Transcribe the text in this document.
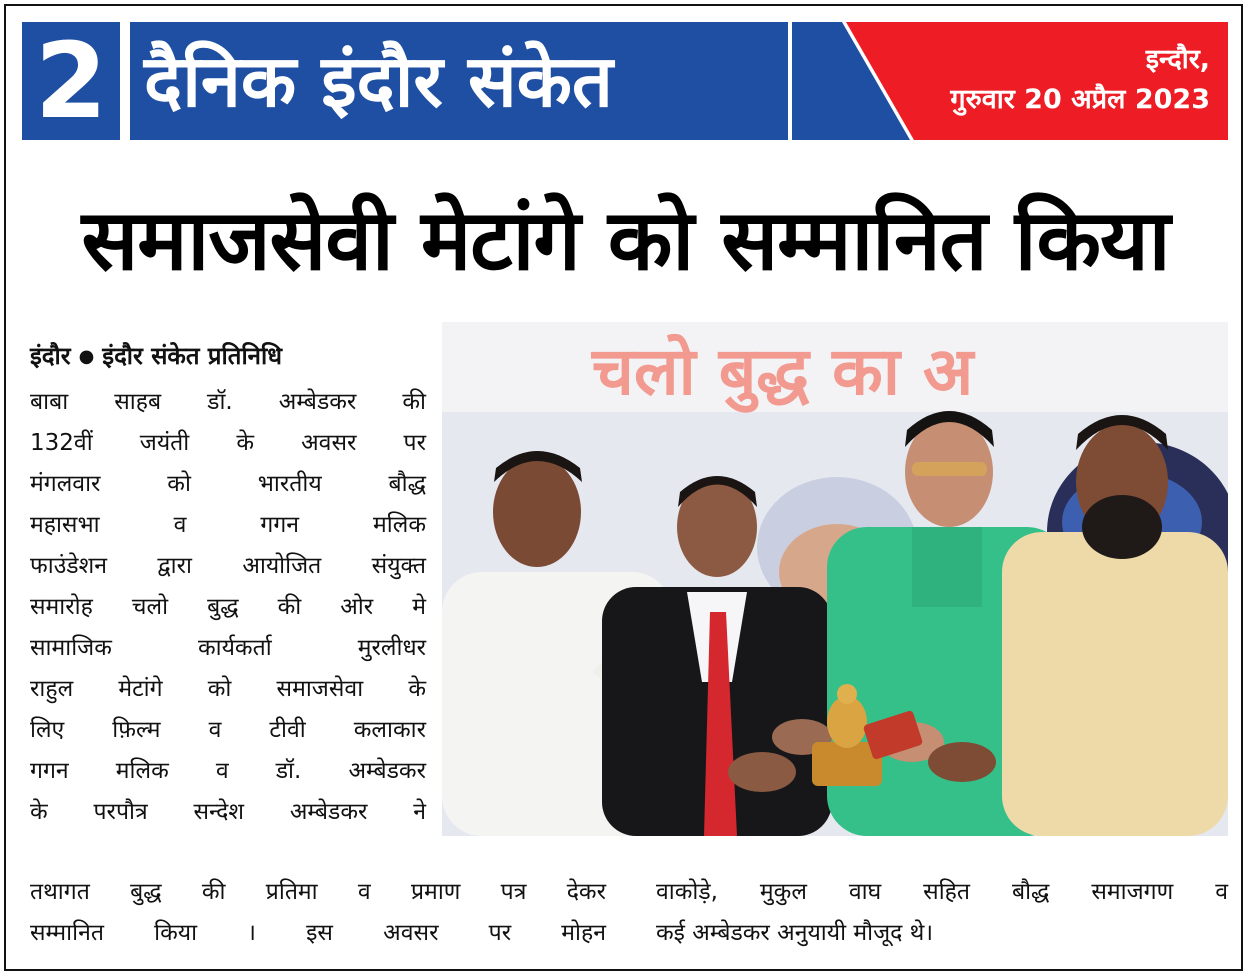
2 दैनिक इंदौर संकेत	इन्दौर,
गुरुवार 20 अप्रैल 2023
समाजसेवी मेटांगे को सम्मानित किया
इंदौर ● इंदौर संकेत प्रतिनिधि
बाबा साहब डॉ. अम्बेडकर की
132वीं जयंती के अवसर पर
मंगलवार को भारतीय बौद्ध
महासभा व गगन मलिक
फाउंडेशन द्वारा आयोजित संयुक्त
समारोह चलो बुद्ध की ओर मे
सामाजिक कार्यकर्ता मुरलीधर
राहुल मेटांगे को समाजसेवा के
लिए फ़िल्म व टीवी कलाकार
गगन मलिक व डॉ. अम्बेडकर
के परपौत्र सन्देश अम्बेडकर ने
तथागत बुद्ध की प्रतिमा व प्रमाण पत्र देकर
सम्मानित किया । इस अवसर पर मोहन
वाकोड़े, मुकुल वाघ सहित बौद्ध समाजगण व
कई अम्बेडकर अनुयायी मौजूद थे।
चलो बुद्ध का अ
